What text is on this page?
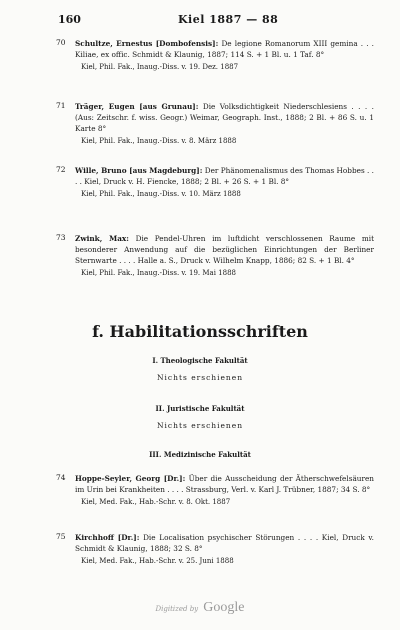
160	Kiel 1887 — 88
70 Schultze, Ernestus [Dombofensis]: De legione Romanorum XIII gemina . . . Kiliae, ex offic. Schmidt & Klaunig, 1887; 114 S. + 1 Bl. u. 1 Taf. 8°
Kiel, Phil. Fak., Inaug.-Diss. v. 19. Dez. 1887
71 Träger, Eugen [aus Grunau]: Die Volksdichtigkeit Niederschlesiens . . . . (Aus: Zeitschr. f. wiss. Geogr.) Weimar, Geograph. Inst., 1888; 2 Bl. + 86 S. u. 1 Karte 8°
Kiel, Phil. Fak., Inaug.-Diss. v. 8. März 1888
72 Wille, Bruno [aus Magdeburg]: Der Phänomenalismus des Thomas Hobbes . . . . Kiel, Druck v. H. Fiencke, 1888; 2 Bl. + 26 S. + 1 Bl. 8°
Kiel, Phil. Fak., Inaug.-Diss. v. 10. März 1888
73 Zwink, Max: Die Pendel-Uhren im luftdicht verschlossenen Raume mit besonderer Anwendung auf die bezüglichen Einrichtungen der Berliner Sternwarte . . . . Halle a. S., Druck v. Wilhelm Knapp, 1886; 82 S. + 1 Bl. 4°
Kiel, Phil. Fak., Inaug.-Diss. v. 19. Mai 1888
f. Habilitationsschriften
I. Theologische Fakultät
Nichts erschienen
II. Juristische Fakultät
Nichts erschienen
III. Medizinische Fakultät
74 Hoppe-Seyler, Georg [Dr.]: Über die Ausscheidung der Ätherschwefelsäuren im Urin bei Krankheiten . . . . Strassburg, Verl. v. Karl J. Trübner, 1887; 34 S. 8°
Kiel, Med. Fak., Hab.-Schr. v. 8. Okt. 1887
75 Kirchhoff [Dr.]: Die Localisation psychischer Störungen . . . . Kiel, Druck v. Schmidt & Klaunig, 1888; 32 S. 8°
Kiel, Med. Fak., Hab.-Schr. v. 25. Juni 1888
Digitized by Google
